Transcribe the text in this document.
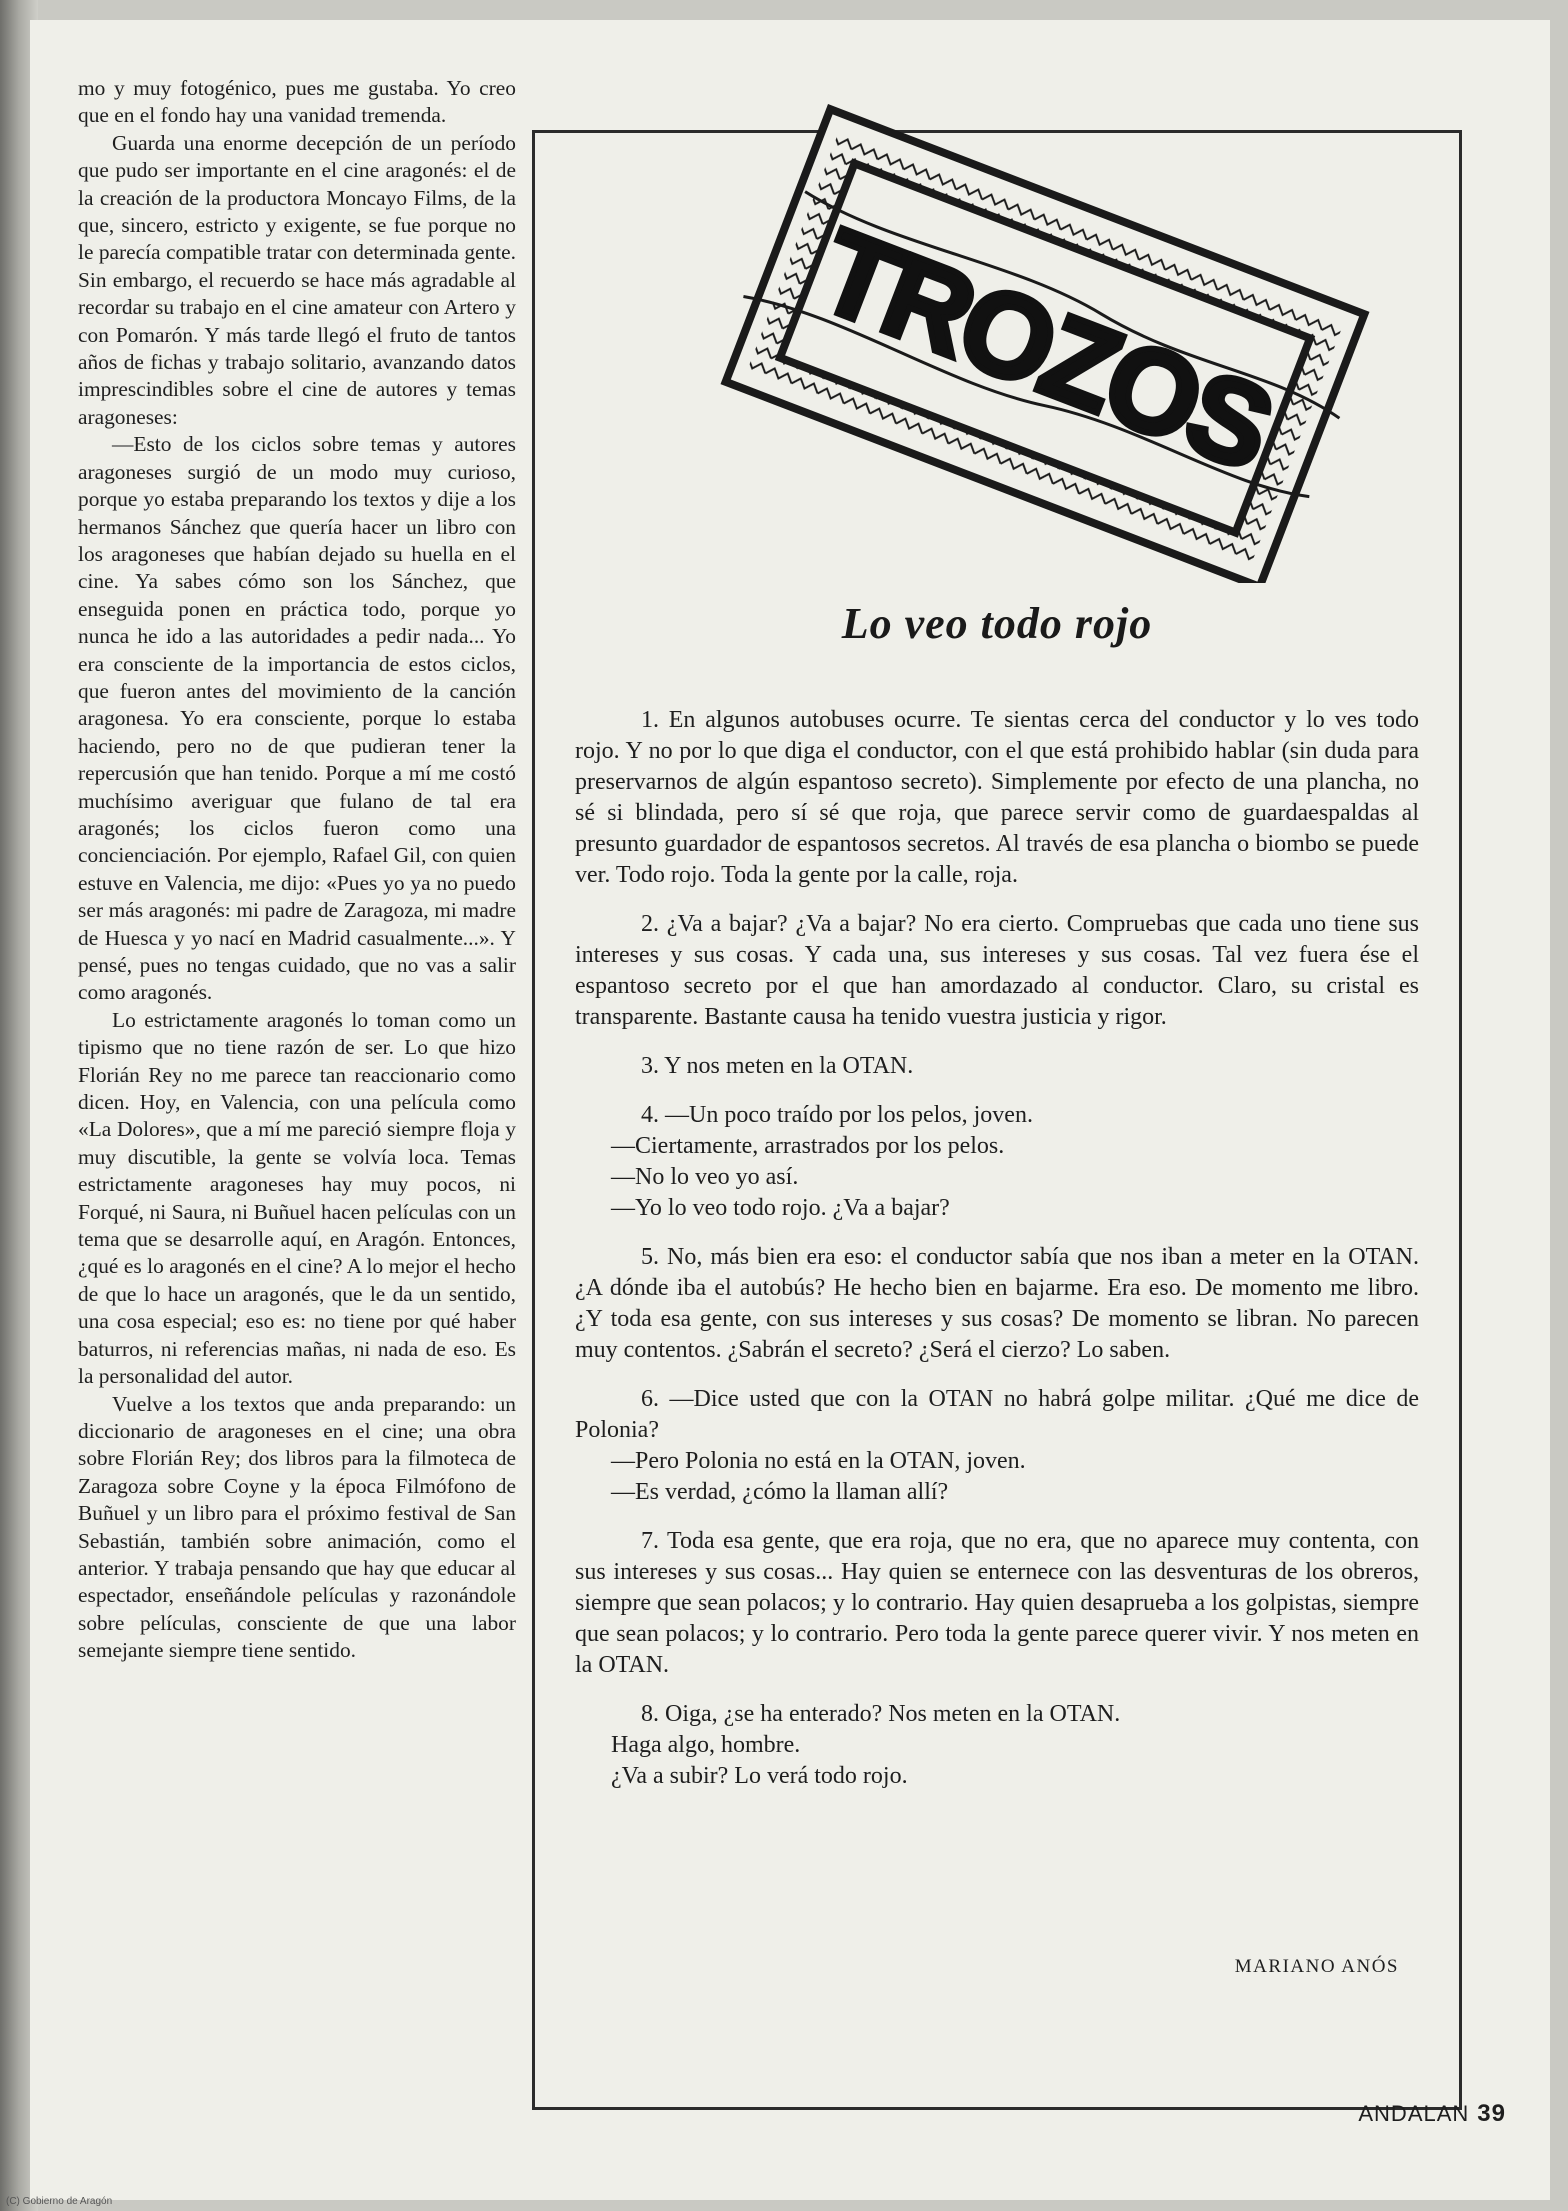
mo y muy fotogénico, pues me gustaba. Yo creo que en el fondo hay una vanidad tremenda.

Guarda una enorme decepción de un período que pudo ser importante en el cine aragonés: el de la creación de la productora Moncayo Films, de la que, sincero, estricto y exigente, se fue porque no le parecía compatible tratar con determinada gente. Sin embargo, el recuerdo se hace más agradable al recordar su trabajo en el cine amateur con Artero y con Pomarón. Y más tarde llegó el fruto de tantos años de fichas y trabajo solitario, avanzando datos imprescindibles sobre el cine de autores y temas aragoneses:

—Esto de los ciclos sobre temas y autores aragoneses surgió de un modo muy curioso, porque yo estaba preparando los textos y dije a los hermanos Sánchez que quería hacer un libro con los aragoneses que habían dejado su huella en el cine. Ya sabes cómo son los Sánchez, que enseguida ponen en práctica todo, porque yo nunca he ido a las autoridades a pedir nada... Yo era consciente de la importancia de estos ciclos, que fueron antes del movimiento de la canción aragonesa. Yo era consciente, porque lo estaba haciendo, pero no de que pudieran tener la repercusión que han tenido. Porque a mí me costó muchísimo averiguar que fulano de tal era aragonés; los ciclos fueron como una concienciación. Por ejemplo, Rafael Gil, con quien estuve en Valencia, me dijo: «Pues yo ya no puedo ser más aragonés: mi padre de Zaragoza, mi madre de Huesca y yo nací en Madrid casualmente...». Y pensé, pues no tengas cuidado, que no vas a salir como aragonés.

Lo estrictamente aragonés lo toman como un tipismo que no tiene razón de ser. Lo que hizo Florián Rey no me parece tan reaccionario como dicen. Hoy, en Valencia, con una película como «La Dolores», que a mí me pareció siempre floja y muy discutible, la gente se volvía loca. Temas estrictamente aragoneses hay muy pocos, ni Forqué, ni Saura, ni Buñuel hacen películas con un tema que se desarrolle aquí, en Aragón. Entonces, ¿qué es lo aragonés en el cine? A lo mejor el hecho de que lo hace un aragonés, que le da un sentido, una cosa especial; eso es: no tiene por qué haber baturros, ni referencias mañas, ni nada de eso. Es la personalidad del autor.

Vuelve a los textos que anda preparando: un diccionario de aragoneses en el cine; una obra sobre Florián Rey; dos libros para la filmoteca de Zaragoza sobre Coyne y la época Filmófono de Buñuel y un libro para el próximo festival de San Sebastián, también sobre animación, como el anterior. Y trabaja pensando que hay que educar al espectador, enseñándole películas y razonándole sobre películas, consciente de que una labor semejante siempre tiene sentido.

TROZOS
Lo veo todo rojo

1. En algunos autobuses ocurre. Te sientas cerca del conductor y lo ves todo rojo. Y no por lo que diga el conductor, con el que está prohibido hablar (sin duda para preservarnos de algún espantoso secreto). Simplemente por efecto de una plancha, no sé si blindada, pero sí sé que roja, que parece servir como de guardaespaldas al presunto guardador de espantosos secretos. Al través de esa plancha o biombo se puede ver. Todo rojo. Toda la gente por la calle, roja.

2. ¿Va a bajar? ¿Va a bajar? No era cierto. Compruebas que cada uno tiene sus intereses y sus cosas. Y cada una, sus intereses y sus cosas. Tal vez fuera ése el espantoso secreto por el que han amordazado al conductor. Claro, su cristal es transparente. Bastante causa ha tenido vuestra justicia y rigor.

3. Y nos meten en la OTAN.

4. —Un poco traído por los pelos, joven.

—Ciertamente, arrastrados por los pelos.

—No lo veo yo así.

—Yo lo veo todo rojo. ¿Va a bajar?

5. No, más bien era eso: el conductor sabía que nos iban a meter en la OTAN. ¿A dónde iba el autobús? He hecho bien en bajarme. Era eso. De momento me libro. ¿Y toda esa gente, con sus intereses y sus cosas? De momento se libran. No parecen muy contentos. ¿Sabrán el secreto? ¿Será el cierzo? Lo saben.

6. —Dice usted que con la OTAN no habrá golpe militar. ¿Qué me dice de Polonia?

—Pero Polonia no está en la OTAN, joven.

—Es verdad, ¿cómo la llaman allí?

7. Toda esa gente, que era roja, que no era, que no aparece muy contenta, con sus intereses y sus cosas... Hay quien se enternece con las desventuras de los obreros, siempre que sean polacos; y lo contrario. Hay quien desaprueba a los golpistas, siempre que sean polacos; y lo contrario. Pero toda la gente parece querer vivir. Y nos meten en la OTAN.

8. Oiga, ¿se ha enterado? Nos meten en la OTAN.

Haga algo, hombre.

¿Va a subir? Lo verá todo rojo.

MARIANO ANÓS
ANDALAN 39
(C) Gobierno de Aragón
